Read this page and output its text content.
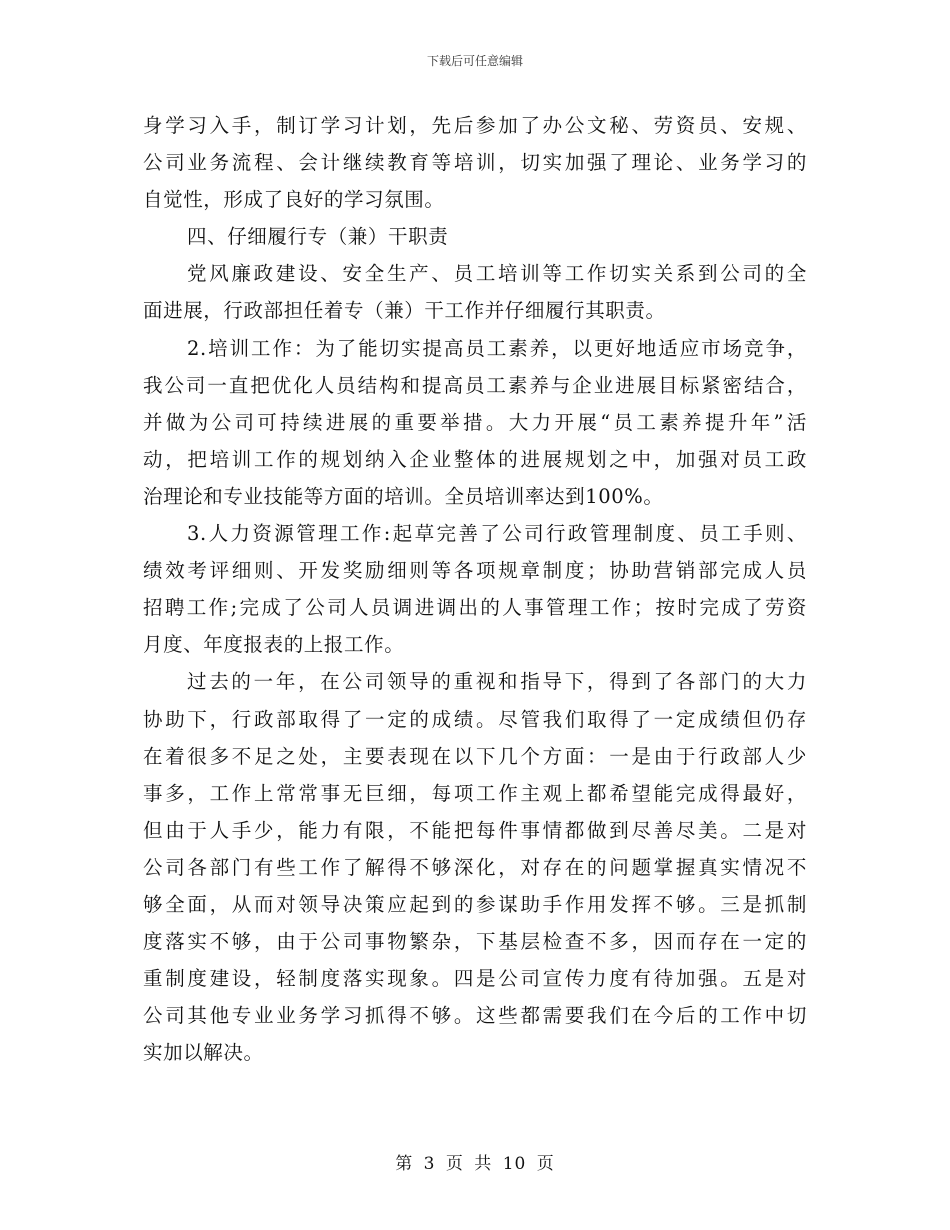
下载后可任意编辑
身学习入手，制订学习计划，先后参加了办公文秘、劳资员、安规、
公司业务流程、会计继续教育等培训，切实加强了理论、业务学习的
自觉性，形成了良好的学习氛围。
四、仔细履行专（兼）干职责
党风廉政建设、安全生产、员工培训等工作切实关系到公司的全
面进展，行政部担任着专（兼）干工作并仔细履行其职责。
2.培训工作：为了能切实提高员工素养，以更好地适应市场竞争，
我公司一直把优化人员结构和提高员工素养与企业进展目标紧密结合，
并做为公司可持续进展的重要举措。大力开展“员工素养提升年”活
动，把培训工作的规划纳入企业整体的进展规划之中，加强对员工政
治理论和专业技能等方面的培训。全员培训率达到100%。
3.人力资源管理工作:起草完善了公司行政管理制度、员工手则、
绩效考评细则、开发奖励细则等各项规章制度；协助营销部完成人员
招聘工作;完成了公司人员调进调出的人事管理工作；按时完成了劳资
月度、年度报表的上报工作。
过去的一年，在公司领导的重视和指导下，得到了各部门的大力
协助下，行政部取得了一定的成绩。尽管我们取得了一定成绩但仍存
在着很多不足之处，主要表现在以下几个方面：一是由于行政部人少
事多，工作上常常事无巨细，每项工作主观上都希望能完成得最好，
但由于人手少，能力有限，不能把每件事情都做到尽善尽美。二是对
公司各部门有些工作了解得不够深化，对存在的问题掌握真实情况不
够全面，从而对领导决策应起到的参谋助手作用发挥不够。三是抓制
度落实不够，由于公司事物繁杂，下基层检查不多，因而存在一定的
重制度建设，轻制度落实现象。四是公司宣传力度有待加强。五是对
公司其他专业业务学习抓得不够。这些都需要我们在今后的工作中切
实加以解决。
第 3 页 共 10 页
